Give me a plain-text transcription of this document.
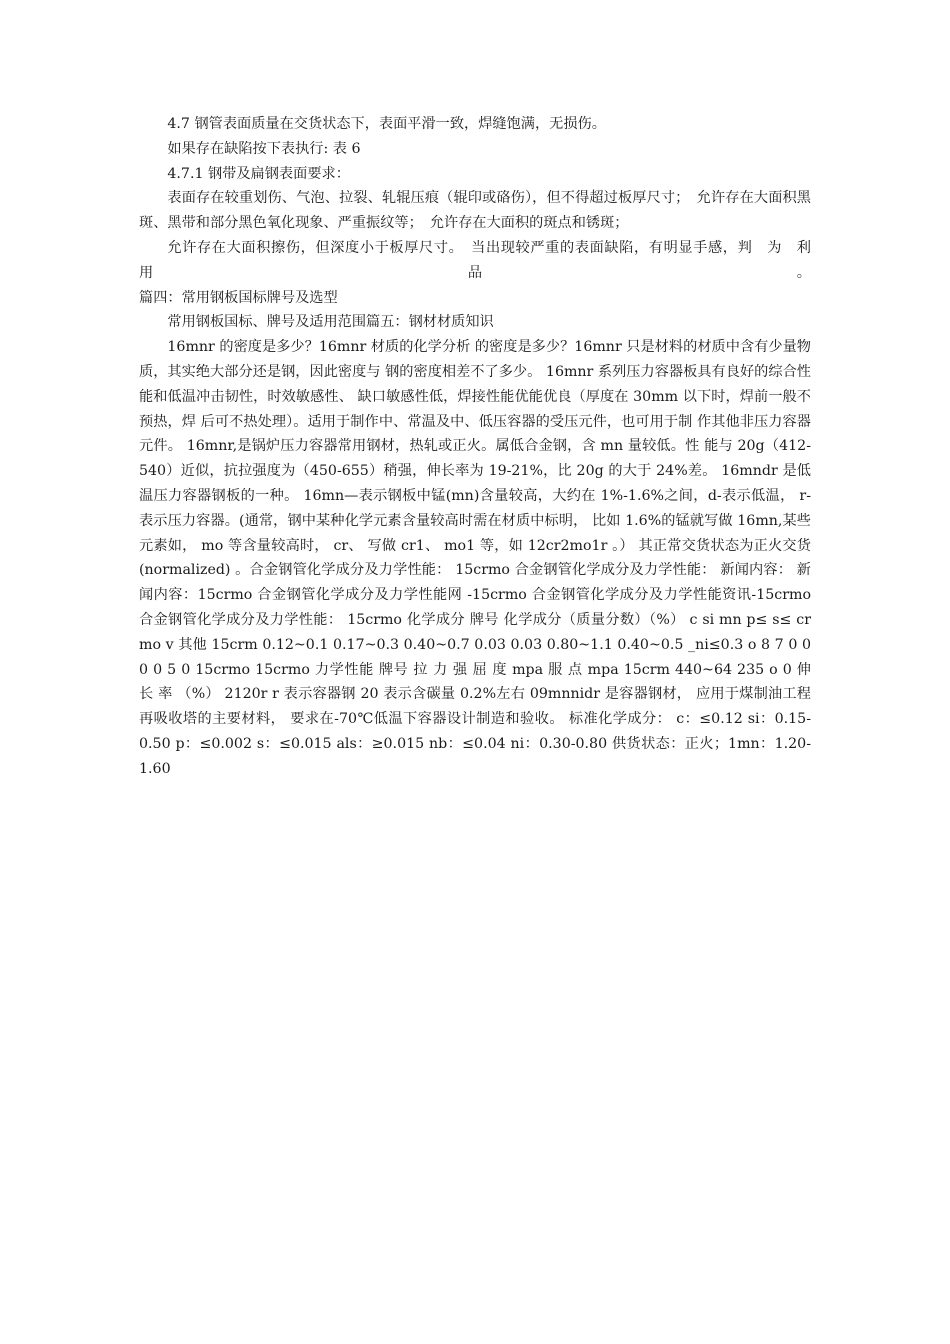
4.7 钢管表面质量在交货状态下，表面平滑一致，焊缝饱满，无损伤。

如果存在缺陷按下表执行: 表 6

4.7.1 钢带及扁钢表面要求：

表面存在较重划伤、气泡、拉裂、轧辊压痕（辊印或硌伤），但不得超过板厚尺寸；　允许存在大面积黑斑、黑带和部分黑色氧化现象、严重振纹等；　允许存在大面积的斑点和锈斑；

允许存在大面积擦伤，但深度小于板厚尺寸。　当出现较严重的表面缺陷，有明显手感，判　为　利　用　品　。

篇四：常用钢板国标牌号及选型

常用钢板国标、牌号及适用范围篇五：钢材材质知识

16mnr 的密度是多少？16mnr 材质的化学分析 的密度是多少？16mnr 只是材料的材质中含有少量物质，其实绝大部分还是钢，因此密度与 钢的密度相差不了多少。 16mnr 系列压力容器板具有良好的综合性能和低温冲击韧性，时效敏感性、 缺口敏感性低，焊接性能优能优良（厚度在 30mm 以下时，焊前一般不预热，焊 后可不热处理）。适用于制作中、常温及中、低压容器的受压元件，也可用于制 作其他非压力容器元件。 16mnr,是锅炉压力容器常用钢材，热轧或正火。属低合金钢，含 mn 量较低。性 能与 20g（412-540）近似，抗拉强度为（450-655）稍强，伸长率为 19-21%，比 20g 的大于 24%差。 16mndr 是低温压力容器钢板的一种。 16mn—表示钢板中锰(mn)含量较高，大约在 1%-1.6%之间，d-表示低温， r-表示压力容器。(通常，钢中某种化学元素含量较高时需在材质中标明， 比如 1.6%的锰就写做 16mn,某些元素如， mo 等含量较高时， cr、 写做 cr1、 mo1 等，如 12cr2mo1r 。） 其正常交货状态为正火交货(normalized) 。合金钢管化学成分及力学性能： 15crmo 合金钢管化学成分及力学性能： 新闻内容： 新闻内容：15crmo 合金钢管化学成分及力学性能网 -15crmo 合金钢管化学成分及力学性能资讯-15crmo 合金钢管化学成分及力学性能： 15crmo 化学成分 牌号 化学成分（质量分数）（%） c si mn p≤ s≤ cr mo v 其他 15crm 0.12~0.1 0.17~0.3 0.40~0.7 0.03 0.03 0.80~1.1 0.40~0.5 _ni≤0.3 o 8 7 0 0 0 0 5 0 15crmo 15crmo 力学性能 牌号 拉 力 强 屈 度 mpa 服 点 mpa 15crm 440~64 235 o 0 伸 长 率 （%） 2120r r 表示容器钢 20 表示含碳量 0.2%左右 09mnnidr 是容器钢材， 应用于煤制油工程再吸收塔的主要材料， 要求在-70℃低温下容器设计制造和验收。 标准化学成分： c：≤0.12 si：0.15-0.50 p：≤0.002 s：≤0.015 als：≥0.015 nb：≤0.04 ni：0.30-0.80 供货状态：正火；1mn：1.20-1.60
